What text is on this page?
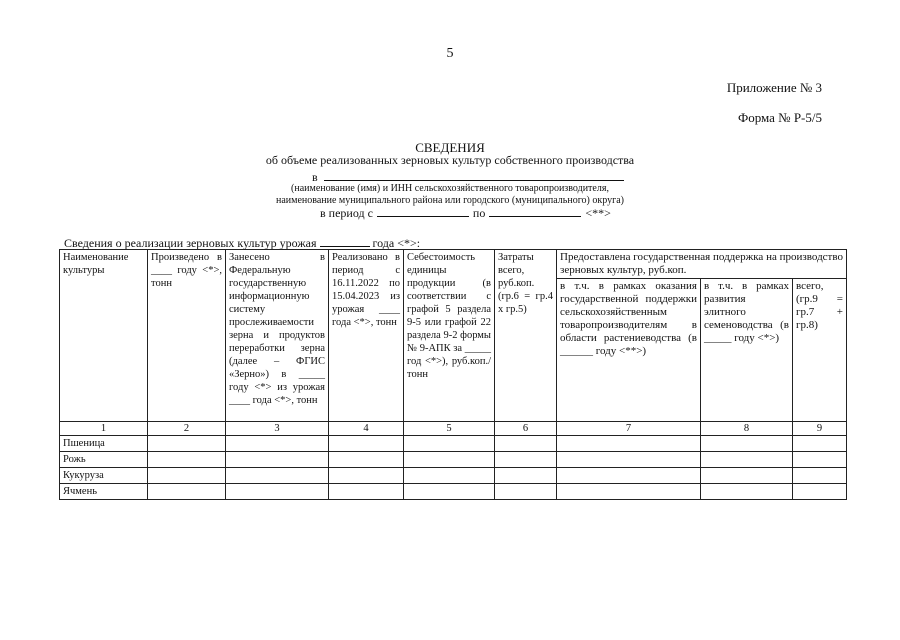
5
Приложение № 3
Форма № Р-5/5
СВЕДЕНИЯ
об объеме реализованных зерновых культур собственного производства
в
(наименование (имя) и ИНН сельскохозяйственного товаропроизводителя,
наименование муниципального района или городского (муниципального) округа)
в период с	по	<**>
Сведения о реализации зерновых культур урожая	года <*>:
Наименование культуры	Произведено в ____ году <*>, тонн	Занесено в Федеральную государственную информационную систему прослеживаемости зерна и продуктов переработки зерна (далее – ФГИС «Зерно») в _____ году <*> из урожая ____ года <*>, тонн	Реализовано в период с 16.11.2022 по 15.04.2023 из урожая ____ года <*>, тонн	Себестоимость единицы продукции (в соответствии с графой 5 раздела 9-5 или графой 22 раздела 9-2 формы № 9-АПК за _____ год <*>), руб.коп./тонн	Затраты всего, руб.коп. (гр.6 = гр.4 х гр.5)	Предоставлена государственная поддержка на производство зерновых культур, руб.коп.		
						в т.ч. в рамках оказания государственной поддержки сельскохозяйственным товаропроизводителям в области растениеводства (в ______ году <**>)	в т.ч. в рамках развития элитного семеноводства (в _____ году <*>)	всего, (гр.9 = гр.7 + гр.8)
1	2	3	4	5	6	7	8	9
Пшеница								
Рожь								
Кукуруза								
Ячмень								
